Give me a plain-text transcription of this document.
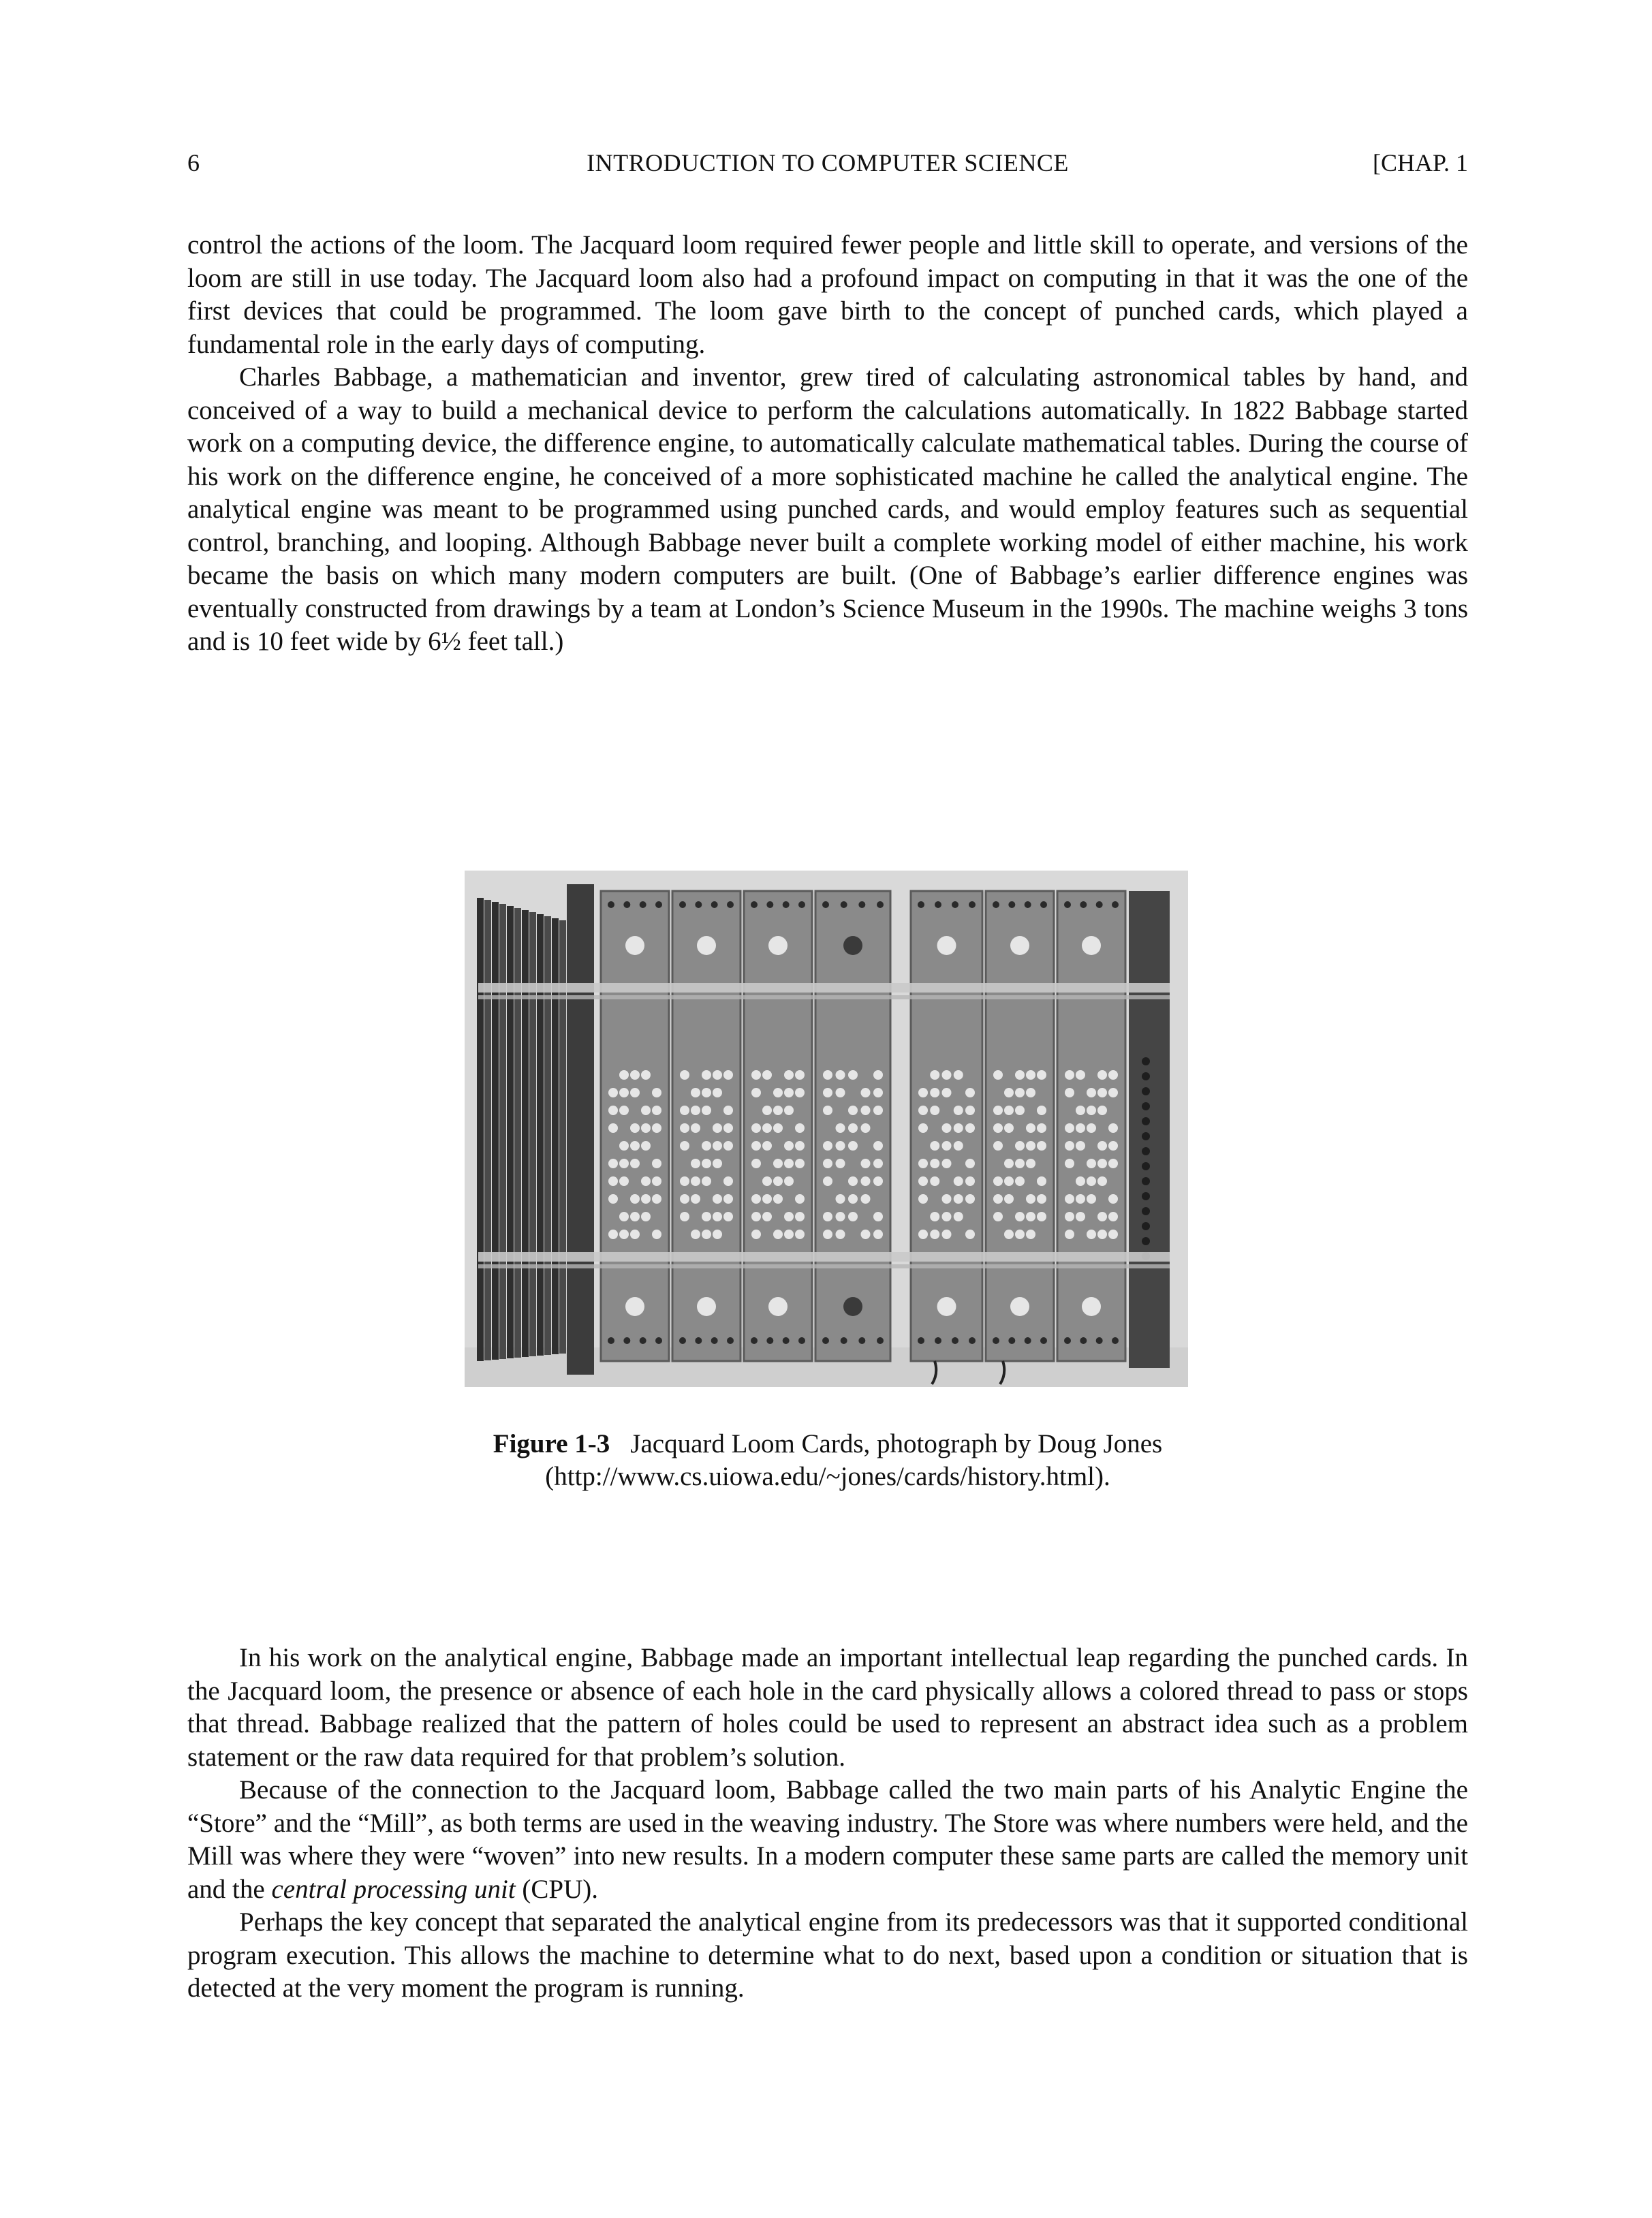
6	INTRODUCTION TO COMPUTER SCIENCE	[CHAP. 1

control the actions of the loom. The Jacquard loom required fewer people and little skill to operate, and versions of the loom are still in use today. The Jacquard loom also had a profound impact on computing in that it was the one of the first devices that could be programmed. The loom gave birth to the concept of punched cards, which played a fundamental role in the early days of computing.

Charles Babbage, a mathematician and inventor, grew tired of calculating astronomical tables by hand, and conceived of a way to build a mechanical device to perform the calculations automatically. In 1822 Babbage started work on a computing device, the difference engine, to automatically calculate mathematical tables. During the course of his work on the difference engine, he conceived of a more sophisticated machine he called the analytical engine. The analytical engine was meant to be programmed using punched cards, and would employ features such as sequential control, branching, and looping. Although Babbage never built a complete working model of either machine, his work became the basis on which many modern computers are built. (One of Babbage’s earlier difference engines was eventually constructed from drawings by a team at London’s Science Museum in the 1990s. The machine weighs 3 tons and is 10 feet wide by 6½ feet tall.)

Figure 1-3 Jacquard Loom Cards, photograph by Doug Jones
(http://www.cs.uiowa.edu/~jones/cards/history.html).

In his work on the analytical engine, Babbage made an important intellectual leap regarding the punched cards. In the Jacquard loom, the presence or absence of each hole in the card physically allows a colored thread to pass or stops that thread. Babbage realized that the pattern of holes could be used to represent an abstract idea such as a problem statement or the raw data required for that problem’s solution.

Because of the connection to the Jacquard loom, Babbage called the two main parts of his Analytic Engine the “Store” and the “Mill”, as both terms are used in the weaving industry. The Store was where numbers were held, and the Mill was where they were “woven” into new results. In a modern computer these same parts are called the memory unit and the central processing unit (CPU).

Perhaps the key concept that separated the analytical engine from its predecessors was that it supported conditional program execution. This allows the machine to determine what to do next, based upon a condition or situation that is detected at the very moment the program is running.
